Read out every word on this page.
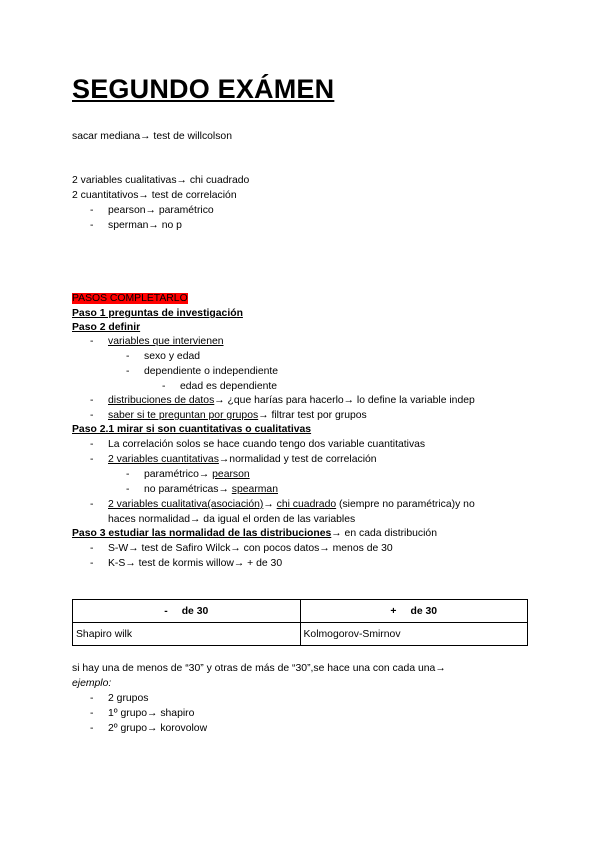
SEGUNDO EXÁMEN
sacar mediana→ test de willcolson
2 variables cualitativas→ chi cuadrado
2 cuantitativos→ test de correlación
- pearson→ paramétrico
- sperman→ no p
PASOS COMPLETARLO
Paso 1 preguntas de investigación
Paso 2 definir
- variables que intervienen
- sexo y edad
- dependiente o independiente
- edad es dependiente
- distribuciones de datos→ ¿que harías para hacerlo→ lo define la variable indep
- saber si te preguntan por grupos→ filtrar test por grupos
Paso 2.1 mirar si son cuantitativas o cualitativas
- La correlación solos se hace cuando tengo dos variable cuantitativas
- 2 variables cuantitativas→normalidad y test de correlación
- paramétrico→ pearson
- no paramétricas→ spearman
- 2 variables cualitativa(asociación)→ chi cuadrado (siempre no paramétrica)y no
haces normalidad→ da igual el orden de las variables
Paso 3 estudiar las normalidad de las distribuciones→ en cada distribución
- S-W→ test de Safiro Wilck→ con pocos datos→ menos de 30
- K-S→ test de kormis willow→ + de 30
- de 30	+ de 30
Shapiro wilk	Kolmogorov-Smirnov
si hay una de menos de “30” y otras de más de “30”,se hace una con cada una→
ejemplo:
- 2 grupos
- 1º grupo→ shapiro
- 2º grupo→ korovolow
